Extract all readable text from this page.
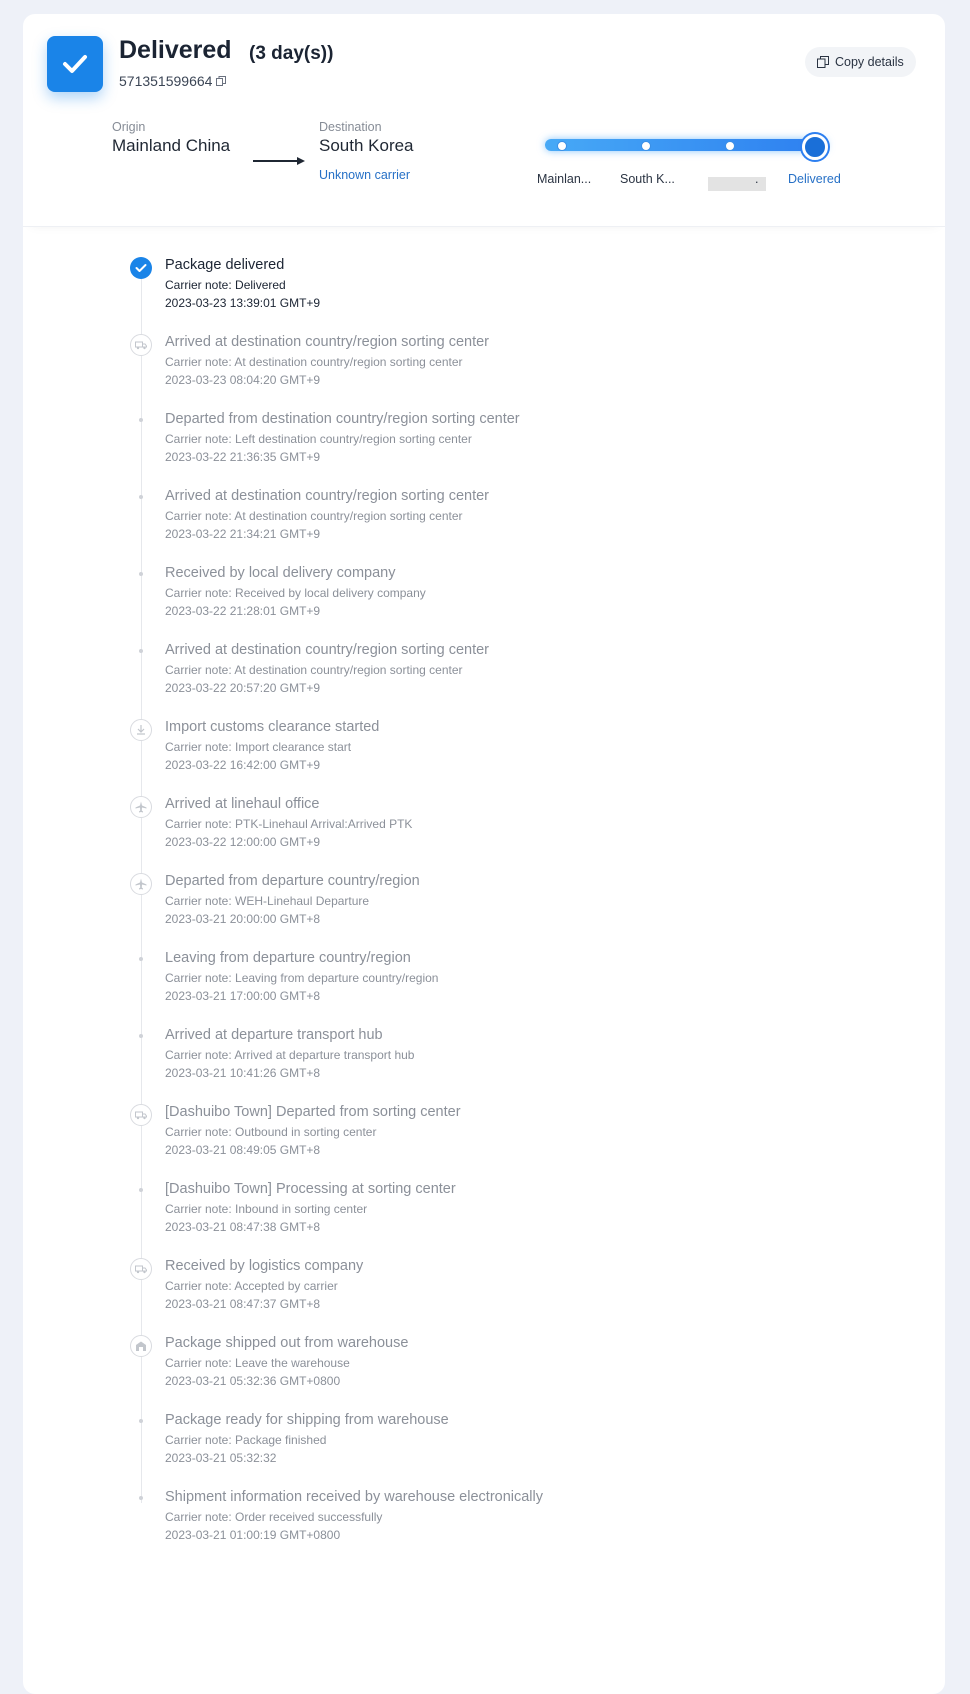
Delivered (3 day(s))
571351599664
Copy details
Origin
Mainland China
Destination
South Korea
Unknown carrier	Mainlan... South K...	. Delivered
Package delivered
Carrier note: Delivered
2023-03-23 13:39:01 GMT+9
Arrived at destination country/region sorting center
Carrier note: At destination country/region sorting center
2023-03-23 08:04:20 GMT+9
Departed from destination country/region sorting center
Carrier note: Left destination country/region sorting center
2023-03-22 21:36:35 GMT+9
Arrived at destination country/region sorting center
Carrier note: At destination country/region sorting center
2023-03-22 21:34:21 GMT+9
Received by local delivery company
Carrier note: Received by local delivery company
2023-03-22 21:28:01 GMT+9
Arrived at destination country/region sorting center
Carrier note: At destination country/region sorting center
2023-03-22 20:57:20 GMT+9
Import customs clearance started
Carrier note: Import clearance start
2023-03-22 16:42:00 GMT+9
Arrived at linehaul office
Carrier note: PTK-Linehaul Arrival:Arrived PTK
2023-03-22 12:00:00 GMT+9
Departed from departure country/region
Carrier note: WEH-Linehaul Departure
2023-03-21 20:00:00 GMT+8
Leaving from departure country/region
Carrier note: Leaving from departure country/region
2023-03-21 17:00:00 GMT+8
Arrived at departure transport hub
Carrier note: Arrived at departure transport hub
2023-03-21 10:41:26 GMT+8
[Dashuibo Town] Departed from sorting center
Carrier note: Outbound in sorting center
2023-03-21 08:49:05 GMT+8
[Dashuibo Town] Processing at sorting center
Carrier note: Inbound in sorting center
2023-03-21 08:47:38 GMT+8
Received by logistics company
Carrier note: Accepted by carrier
2023-03-21 08:47:37 GMT+8
Package shipped out from warehouse
Carrier note: Leave the warehouse
2023-03-21 05:32:36 GMT+0800
Package ready for shipping from warehouse
Carrier note: Package finished
2023-03-21 05:32:32
Shipment information received by warehouse electronically
Carrier note: Order received successfully
2023-03-21 01:00:19 GMT+0800
